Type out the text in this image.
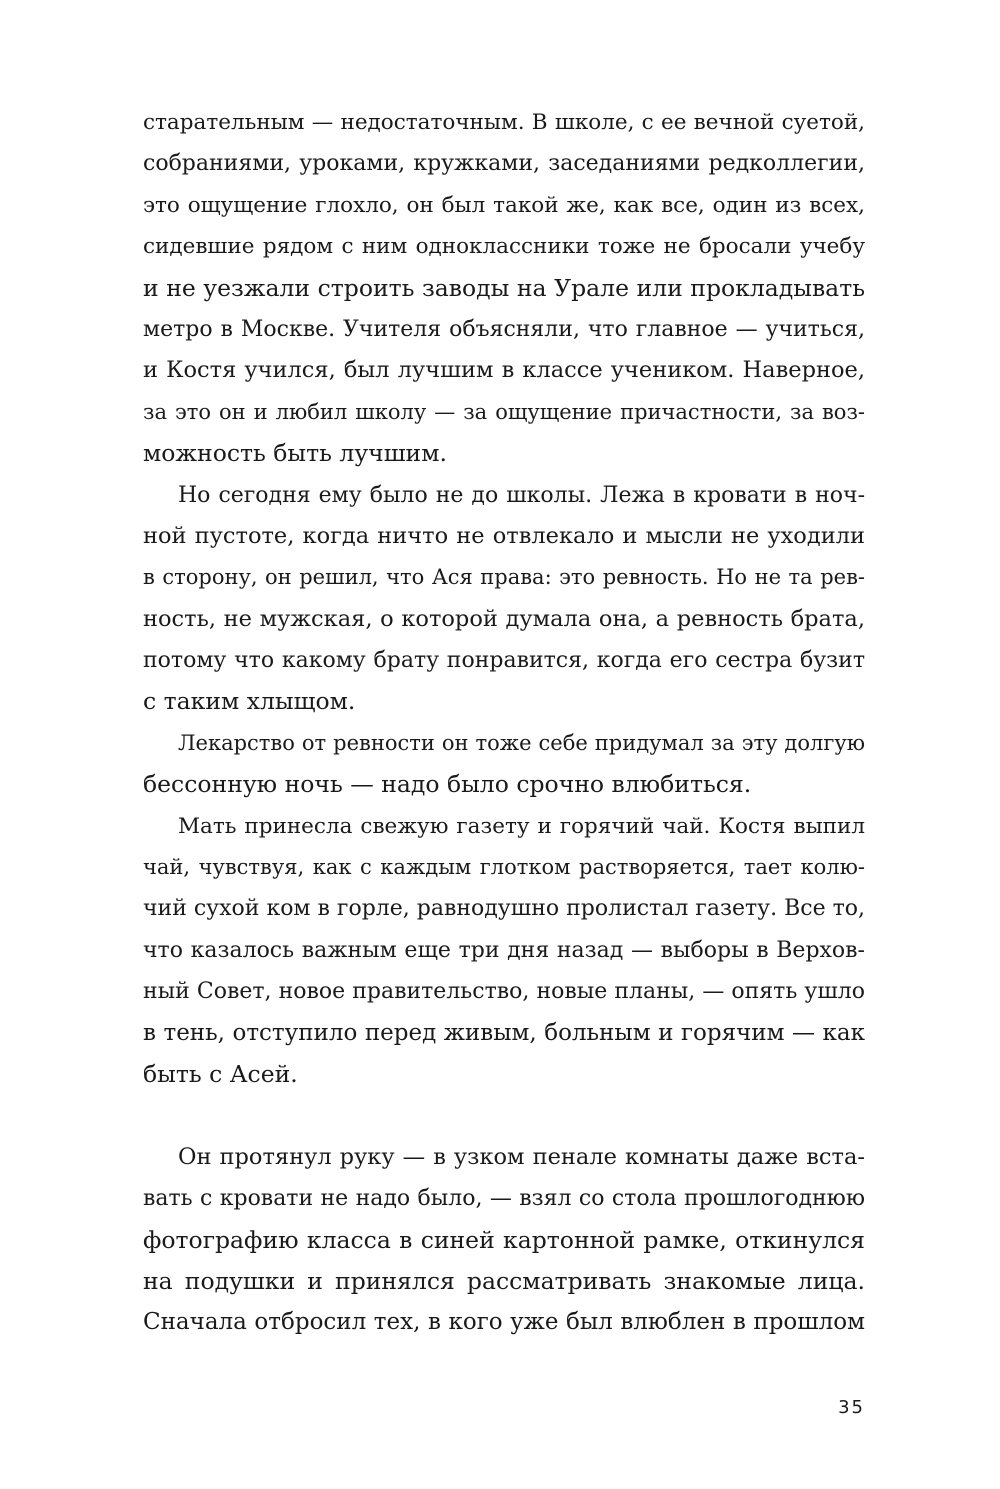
старательным — недостаточным. В школе, с ее вечной суетой,
собраниями, уроками, кружками, заседаниями редколлегии,
это ощущение глохло, он был такой же, как все, один из всех,
сидевшие рядом с ним одноклассники тоже не бросали учебу
и не уезжали строить заводы на Урале или прокладывать
метро в Москве. Учителя объясняли, что главное — учиться,
и Костя учился, был лучшим в классе учеником. Наверное,
за это он и любил школу — за ощущение причастности, за воз-
можность быть лучшим.
Но сегодня ему было не до школы. Лежа в кровати в ноч-
ной пустоте, когда ничто не отвлекало и мысли не уходили
в сторону, он решил, что Ася права: это ревность. Но не та рев-
ность, не мужская, о которой думала она, а ревность брата,
потому что какому брату понравится, когда его сестра бузит
с таким хлыщом.
Лекарство от ревности он тоже себе придумал за эту долгую
бессонную ночь — надо было срочно влюбиться.
Мать принесла свежую газету и горячий чай. Костя выпил
чай, чувствуя, как с каждым глотком растворяется, тает колю-
чий сухой ком в горле, равнодушно пролистал газету. Все то,
что казалось важным еще три дня назад — выборы в Верхов-
ный Совет, новое правительство, новые планы, — опять ушло
в тень, отступило перед живым, больным и горячим — как
быть с Асей.
Он протянул руку — в узком пенале комнаты даже вста-
вать с кровати не надо было, — взял со стола прошлогоднюю
фотографию класса в синей картонной рамке, откинулся
на подушки и принялся рассматривать знакомые лица.
Сначала отбросил тех, в кого уже был влюблен в прошлом
35
